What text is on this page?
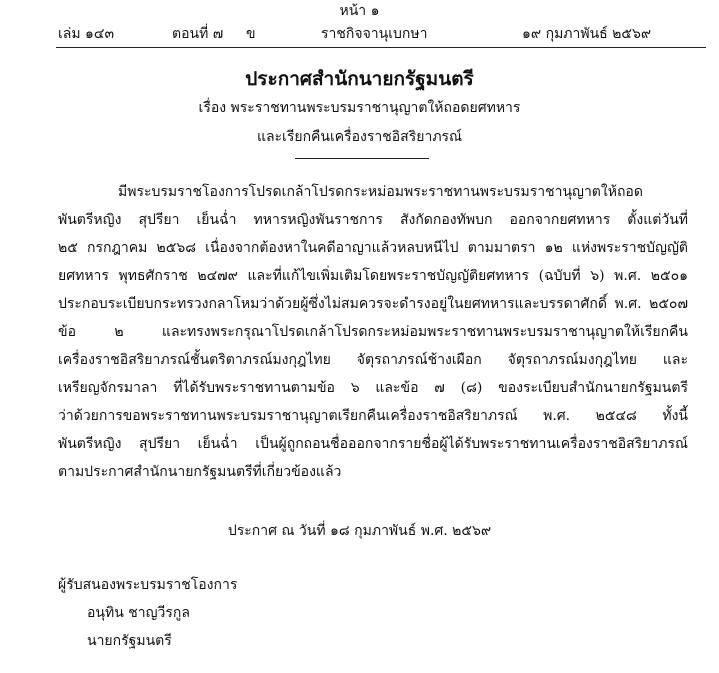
หน้า ๑
เล่ม ๑๔๓	ตอนที่ ๗ ข	ราชกิจจานุเบกษา	๑๙ กุมภาพันธ์ ๒๕๖๙
ประกาศสำนักนายกรัฐมนตรี
เรื่อง พระราชทานพระบรมราชานุญาตให้ถอดยศทหาร
และเรียกคืนเครื่องราชอิสริยาภรณ์
มีพระบรมราชโองการโปรดเกล้าโปรดกระหม่อมพระราชทานพระบรมราชานุญาตให้ถอด
พันตรีหญิง สุปรียา เย็นฉ่ำ ทหารหญิงพันราชการ สังกัดกองทัพบก ออกจากยศทหาร ตั้งแต่วันที่
๒๕ กรกฎาคม ๒๕๖๘ เนื่องจากต้องหาในคดีอาญาแล้วหลบหนีไป ตามมาตรา ๑๒ แห่งพระราชบัญญัติ
ยศทหาร พุทธศักราช ๒๔๗๙ และที่แก้ไขเพิ่มเติมโดยพระราชบัญญัติยศทหาร (ฉบับที่ ๖) พ.ศ. ๒๕๐๑
ประกอบระเบียบกระทรวงกลาโหมว่าด้วยผู้ซึ่งไม่สมควรจะดำรงอยู่ในยศทหารและบรรดาศักดิ์ พ.ศ. ๒๕๐๗
ข้อ ๒ และทรงพระกรุณาโปรดเกล้าโปรดกระหม่อมพระราชทานพระบรมราชานุญาตให้เรียกคืน
เครื่องราชอิสริยาภรณ์ชั้นตริตาภรณ์มงกุฎไทย จัตุรถาภรณ์ช้างเผือก จัตุรถาภรณ์มงกุฎไทย และ
เหรียญจักรมาลา ที่ได้รับพระราชทานตามข้อ ๖ และข้อ ๗ (๘) ของระเบียบสำนักนายกรัฐมนตรี
ว่าด้วยการขอพระราชทานพระบรมราชานุญาตเรียกคืนเครื่องราชอิสริยาภรณ์ พ.ศ. ๒๕๔๘ ทั้งนี้
พันตรีหญิง สุปรียา เย็นฉ่ำ เป็นผู้ถูกถอนชื่อออกจากรายชื่อผู้ได้รับพระราชทานเครื่องราชอิสริยาภรณ์
ตามประกาศสำนักนายกรัฐมนตรีที่เกี่ยวข้องแล้ว
ประกาศ ณ วันที่ ๑๘ กุมภาพันธ์ พ.ศ. ๒๕๖๙
ผู้รับสนองพระบรมราชโองการ
อนุทิน ชาญวีรกูล
นายกรัฐมนตรี
